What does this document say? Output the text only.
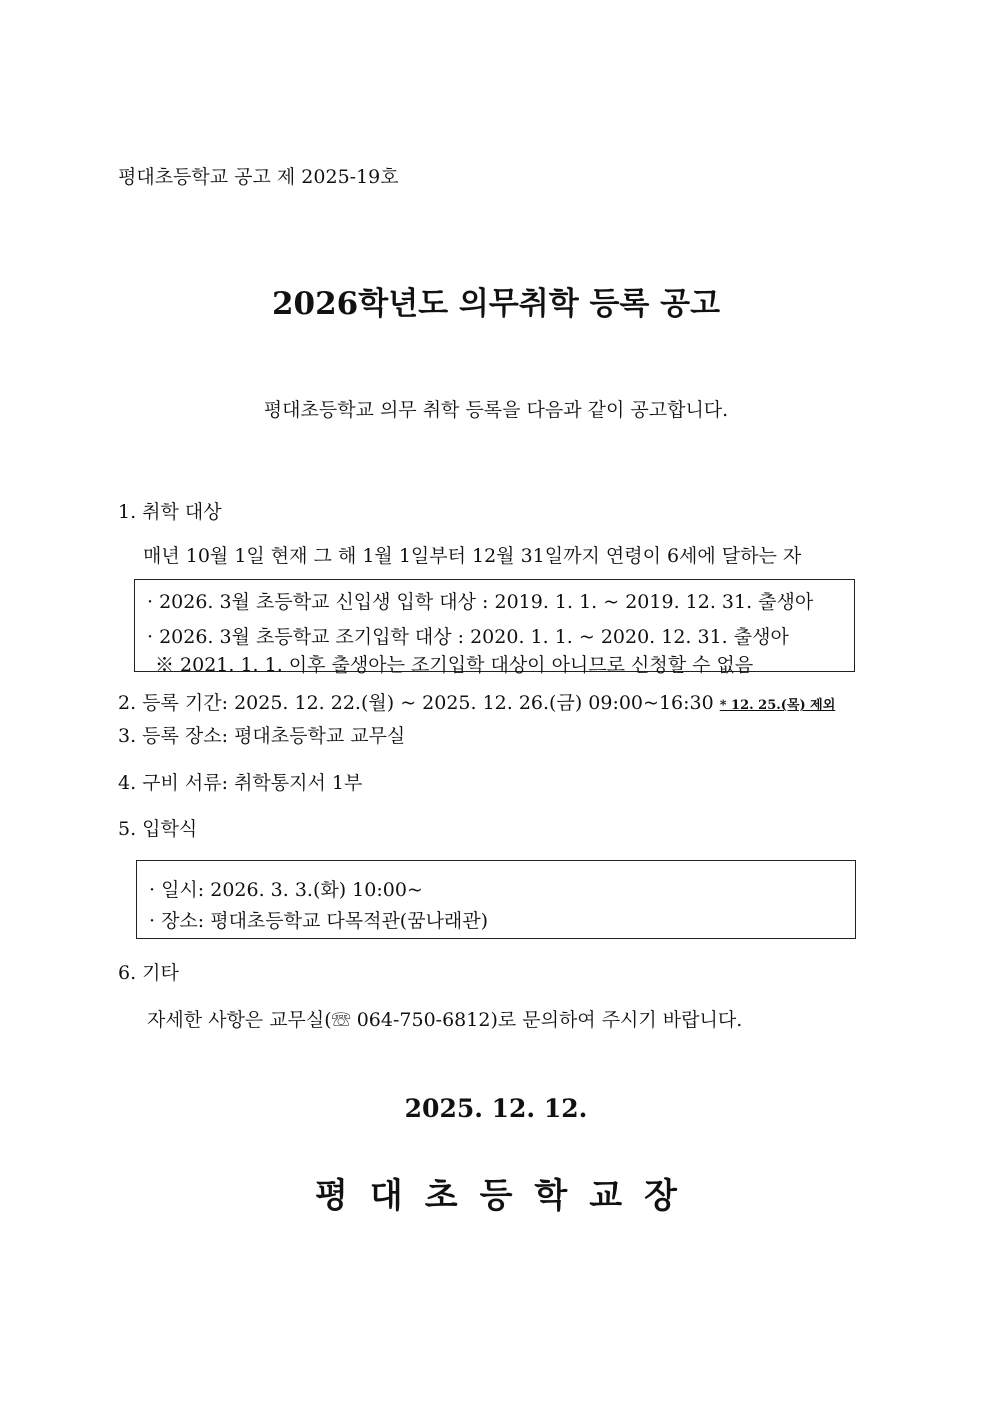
평대초등학교 공고 제 2025-19호
2026학년도 의무취학 등록 공고
평대초등학교 의무 취학 등록을 다음과 같이 공고합니다.
1. 취학 대상
매년 10월 1일 현재 그 해 1월 1일부터 12월 31일까지 연령이 6세에 달하는 자
· 2026. 3월 초등학교 신입생 입학 대상 : 2019. 1. 1. ~ 2019. 12. 31. 출생아
· 2026. 3월 초등학교 조기입학 대상 : 2020. 1. 1. ~ 2020. 12. 31. 출생아
※ 2021. 1. 1. 이후 출생아는 조기입학 대상이 아니므로 신청할 수 없음
2. 등록 기간: 2025. 12. 22.(월) ~ 2025. 12. 26.(금) 09:00~16:30 * 12. 25.(목) 제외
3. 등록 장소: 평대초등학교 교무실
4. 구비 서류: 취학통지서 1부
5. 입학식
· 일시: 2026. 3. 3.(화) 10:00~
· 장소: 평대초등학교 다목적관(꿈나래관)
6. 기타
자세한 사항은 교무실(☏ 064-750-6812)로 문의하여 주시기 바랍니다.
2025. 12. 12.
평대초등학교장
